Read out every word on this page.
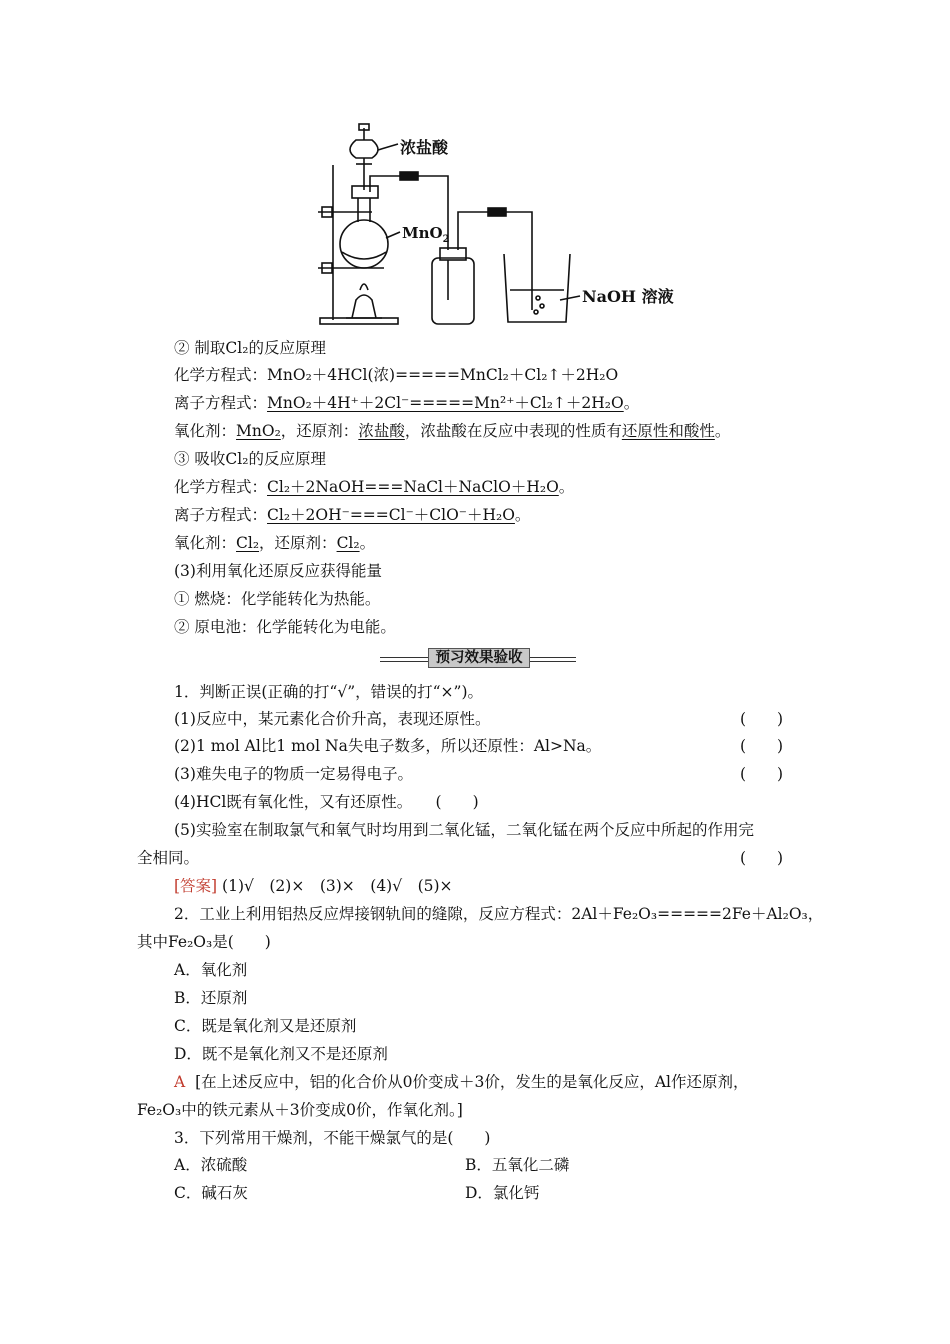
浓盐酸
MnO$_2$
NaOH 溶液
② 制取Cl₂的反应原理
化学方程式：MnO₂＋4HCl(浓)=====MnCl₂＋Cl₂↑＋2H₂O
离子方程式：MnO₂＋4H⁺＋2Cl⁻=====Mn²⁺＋Cl₂↑＋2H₂O。
氧化剂：MnO₂，还原剂：浓盐酸，浓盐酸在反应中表现的性质有还原性和酸性。
③ 吸收Cl₂的反应原理
化学方程式：Cl₂＋2NaOH===NaCl＋NaClO＋H₂O。
离子方程式：Cl₂＋2OH⁻===Cl⁻＋ClO⁻＋H₂O。
氧化剂：Cl₂，还原剂：Cl₂。
(3)利用氧化还原反应获得能量
① 燃烧：化学能转化为热能。
② 原电池：化学能转化为电能。
预习效果验收
1．判断正误(正确的打“√”，错误的打“×”)。
(1)反应中，某元素化合价升高，表现还原性。	(　　)
(2)1 mol Al比1 mol Na失电子数多，所以还原性：Al>Na。	(　　)
(3)难失电子的物质一定易得电子。	(　　)
(4)HCl既有氧化性，又有还原性。　　(　　)
(5)实验室在制取氯气和氧气时均用到二氧化锰，二氧化锰在两个反应中所起的作用完
全相同。	(　　)
[答案] (1)√　(2)×　(3)×　(4)√　(5)×
2．工业上利用铝热反应焊接钢轨间的缝隙，反应方程式：2Al＋Fe₂O₃=====2Fe＋Al₂O₃，
其中Fe₂O₃是(　　)
A．氧化剂
B．还原剂
C．既是氧化剂又是还原剂
D．既不是氧化剂又不是还原剂
A [在上述反应中，铝的化合价从0价变成＋3价，发生的是氧化反应，Al作还原剂，
Fe₂O₃中的铁元素从＋3价变成0价，作氧化剂。]
3．下列常用干燥剂，不能干燥氯气的是(　　)
A．浓硫酸	B．五氧化二磷
C．碱石灰	D．氯化钙
